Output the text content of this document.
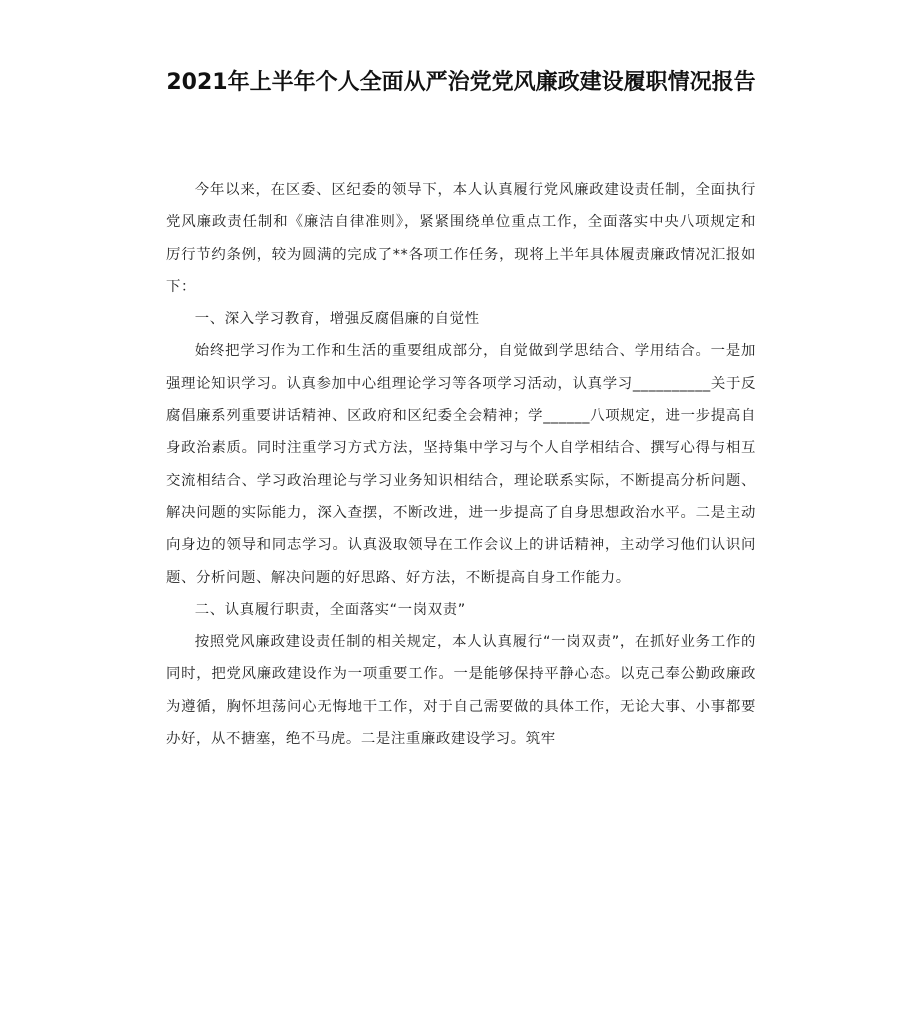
2021年上半年个人全面从严治党党风廉政建设履职情况报告

今年以来，在区委、区纪委的领导下，本人认真履行党风廉政建设责任制，全面执行党风廉政责任制和《廉洁自律准则》，紧紧围绕单位重点工作，全面落实中央八项规定和厉行节约条例，较为圆满的完成了**各项工作任务，现将上半年具体履责廉政情况汇报如下：

一、深入学习教育，增强反腐倡廉的自觉性

始终把学习作为工作和生活的重要组成部分，自觉做到学思结合、学用结合。一是加强理论知识学习。认真参加中心组理论学习等各项学习活动，认真学习__________关于反腐倡廉系列重要讲话精神、区政府和区纪委全会精神；学______八项规定，进一步提高自身政治素质。同时注重学习方式方法，坚持集中学习与个人自学相结合、撰写心得与相互交流相结合、学习政治理论与学习业务知识相结合，理论联系实际，不断提高分析问题、解决问题的实际能力，深入查摆，不断改进，进一步提高了自身思想政治水平。二是主动向身边的领导和同志学习。认真汲取领导在工作会议上的讲话精神，主动学习他们认识问题、分析问题、解决问题的好思路、好方法，不断提高自身工作能力。

二、认真履行职责，全面落实“一岗双责”

按照党风廉政建设责任制的相关规定，本人认真履行“一岗双责”，在抓好业务工作的同时，把党风廉政建设作为一项重要工作。一是能够保持平静心态。以克己奉公勤政廉政为遵循，胸怀坦荡问心无悔地干工作，对于自己需要做的具体工作，无论大事、小事都要办好，从不搪塞，绝不马虎。二是注重廉政建设学习。筑牢
